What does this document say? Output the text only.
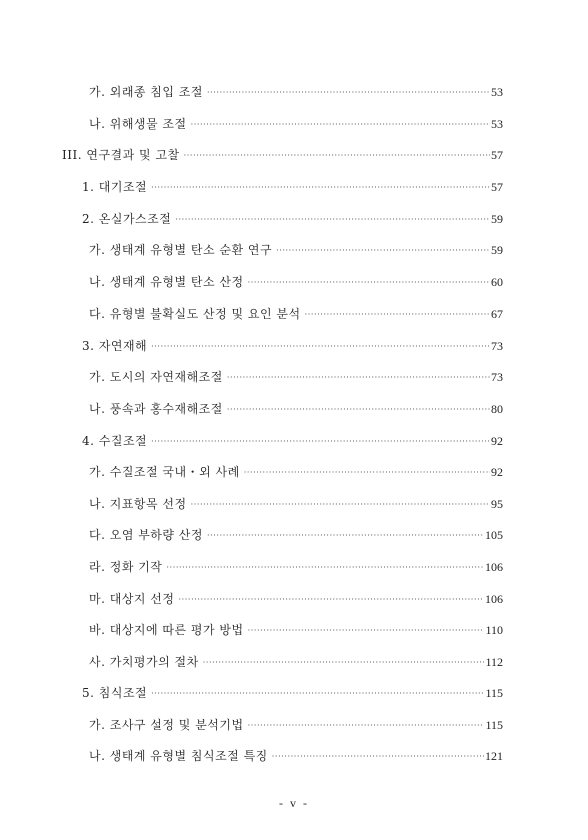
가. 외래종 침입 조절 ·····	53
나. 위해생물 조절 ·····	53
III. 연구결과 및 고찰 ·····	57
1. 대기조절 ·····	57
2. 온실가스조절 ·····	59
가. 생태계 유형별 탄소 순환 연구 ·····	59
나. 생태계 유형별 탄소 산정 ·····	60
다. 유형별 불확실도 산정 및 요인 분석 ·····	67
3. 자연재해 ·····	73
가. 도시의 자연재해조절 ·····	73
나. 풍속과 홍수재해조절 ·····	80
4. 수질조절 ·····	92
가. 수질조절 국내・외 사례 ·····	92
나. 지표항목 선정 ·····	95
다. 오염 부하량 산정 ·····	105
라. 정화 기작 ·····	106
마. 대상지 선정 ·····	106
바. 대상지에 따른 평가 방법 ·····	110
사. 가치평가의 절차 ·····	112
5. 침식조절 ·····	115
가. 조사구 설정 및 분석기법 ·····	115
나. 생태계 유형별 침식조절 특징 ·····	121
- v -
